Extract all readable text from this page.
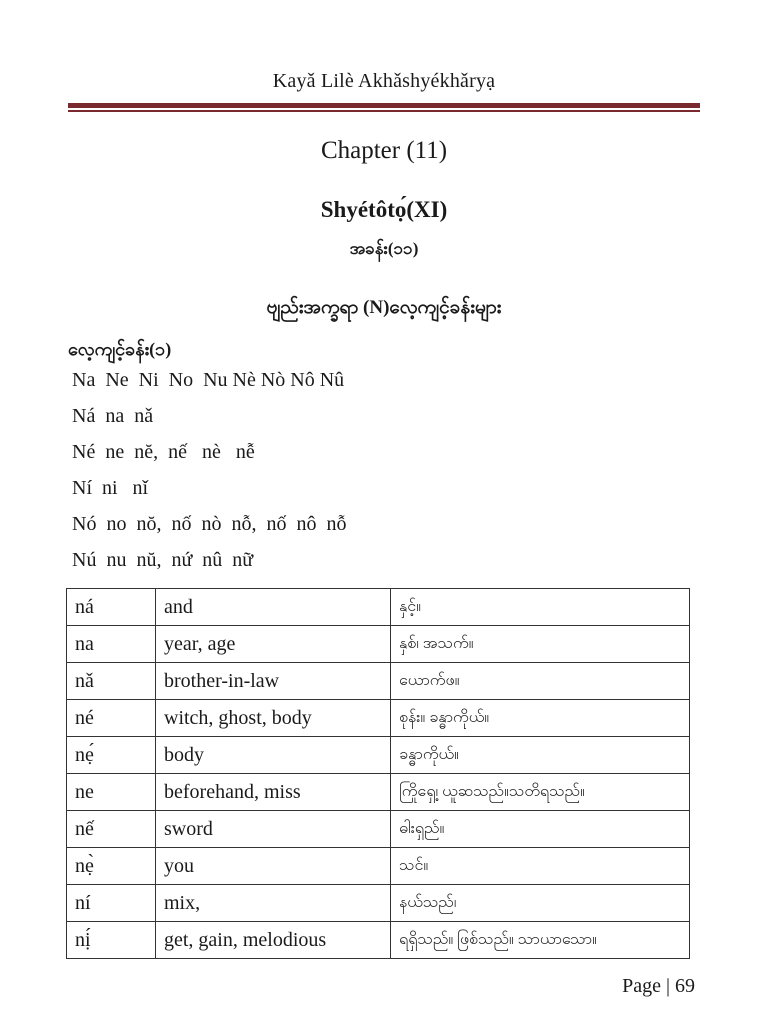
Kayǎ Lilè Akhǎshyékhǎryạ
Chapter (11)
Shyétôtọ́(XI)
အခန်း(၁၁)
ဗျည်းအက္ခရာ (N)လေ့ကျင့်ခန်းများ
လေ့ကျင့်ခန်း(၁)
Na  Ne  Ni  No  Nu Nè Nò Nô Nû
Ná  na  nǎ
Né  ne  nĕ,  nế   nè   nễ
Ní  ni   nǐ
Nó  no  nŏ,  nố  nò  nỗ,  nố  nô  nỗ
Nú  nu  nŭ,  nứ  nû  nữ
ná	and	နှင့်။
na	year, age	နှစ်၊ အသက်။
nǎ	brother-in-law	ယောက်ဖ။
né	witch, ghost, body	စုန်း။ ခန္ဓာကိုယ်။
nẹ́	body	ခန္ဓာကိုယ်။
ne	beforehand, miss	ကြိုရှေ့၊ ယူဆသည်။သတိရသည်။
nế	sword	ဓါးရှည်။
nẹ̀	you	သင်။
ní	mix,	နယ်သည်၊
nị́	get, gain, melodious	ရရှိသည်။ ဖြစ်သည်။ သာယာသော။
Page | 69
